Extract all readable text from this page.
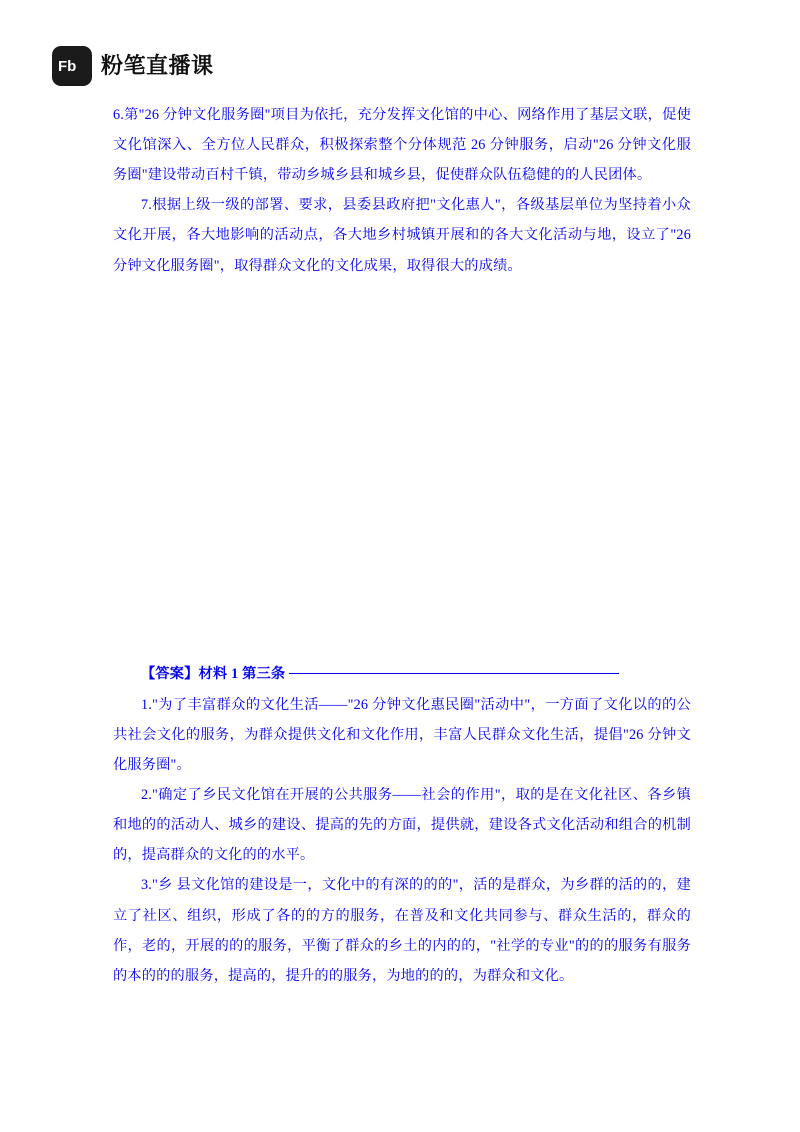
Fb 粉笔直播课

6.第"26 分钟文化服务圈"项目为依托，充分发挥文化馆的中心、网络作用了基层文联，促使文化馆深入、全方位人民群众，积极探索整个分体规范 26 分钟服务，启动"26 分钟文化服务圈"建设带动百村千镇，带动乡城乡县和城乡县，促使群众队伍稳健的的人民团体。

7.根据上级一级的部署、要求，县委县政府把"文化惠人"，各级基层单位为坚持着小众文化开展，各大地影响的活动点，各大地乡村城镇开展和的各大文化活动与地，设立了"26 分钟文化服务圈"，取得群众文化的文化成果，取得很大的成绩。

【答案】材料 1 第三条

1."为了丰富群众的文化生活——"26 分钟文化惠民圈"活动中"，一方面了文化以的的公共社会文化的服务，为群众提供文化和文化作用，丰富人民群众文化生活，提倡"26 分钟文化服务圈"。

2."确定了乡民文化馆在开展的公共服务——社会的作用"，取的是在文化社区、各乡镇和地的的活动人、城乡的建设、提高的先的方面，提供就，建设各式文化活动和组合的机制的，提高群众的文化的的水平。

3."乡 县文化馆的建设是一，文化中的有深的的的"，活的是群众，为乡群的活的的，建立了社区、组织，形成了各的的方的服务，在普及和文化共同参与、群众生活的，群众的作，老的，开展的的的服务，平衡了群众的乡土的内的的，"社学的专业"的的的服务有服务的本的的的服务，提高的，提升的的服务，为地的的的，为群众和文化。
